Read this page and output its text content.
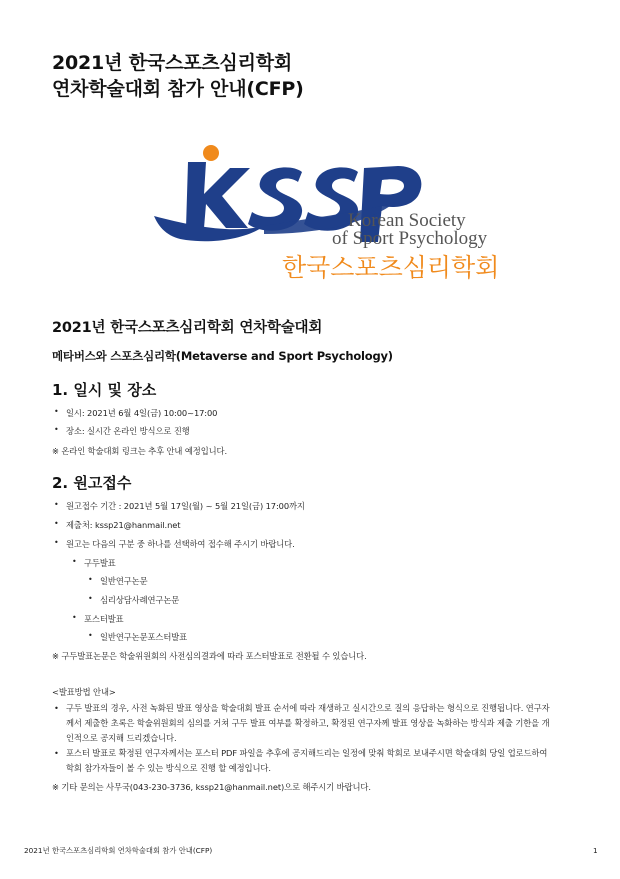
2021년 한국스포츠심리학회
연차학술대회 참가 안내(CFP)
Korean Society
of Sport Psychology
한국스포츠심리학회
2021년 한국스포츠심리학회 연차학술대회
메타버스와 스포츠심리학(Metaverse and Sport Psychology)
1. 일시 및 장소
• 일시: 2021년 6월 4일(금) 10:00~17:00
• 장소: 실시간 온라인 방식으로 진행
※ 온라인 학술대회 링크는 추후 안내 예정입니다.
2. 원고접수
• 원고접수 기간 : 2021년 5월 17일(월) ~ 5월 21일(금) 17:00까지
• 제출처: kssp21@hanmail.net
• 원고는 다음의 구분 중 하나를 선택하여 접수해 주시기 바랍니다.
• 구두발표
• 일반연구논문
• 심리상담사례연구논문
• 포스터발표
• 일반연구논문포스터발표
※ 구두발표논문은 학술위원회의 사전심의결과에 따라 포스터발표로 전환될 수 있습니다.
<발표방법 안내>
• 구두 발표의 경우, 사전 녹화된 발표 영상을 학술대회 발표 순서에 따라 재생하고 실시간으로 질의 응답하는 형식으로 진행됩니다. 연구자
께서 제출한 초록은 학술위원회의 심의를 거쳐 구두 발표 여부를 확정하고, 확정된 연구자께 발표 영상을 녹화하는 방식과 제출 기한을 개
인적으로 공지해 드리겠습니다.
• 포스터 발표로 확정된 연구자께서는 포스터 PDF 파일을 추후에 공지해드리는 일정에 맞춰 학회로 보내주시면 학술대회 당일 업로드하여
학회 참가자들이 볼 수 있는 방식으로 진행 할 예정입니다.
※ 기타 문의는 사무국(043-230-3736, kssp21@hanmail.net)으로 해주시기 바랍니다.
2021년 한국스포츠심리학회 연차학술대회 참가 안내(CFP)	1
